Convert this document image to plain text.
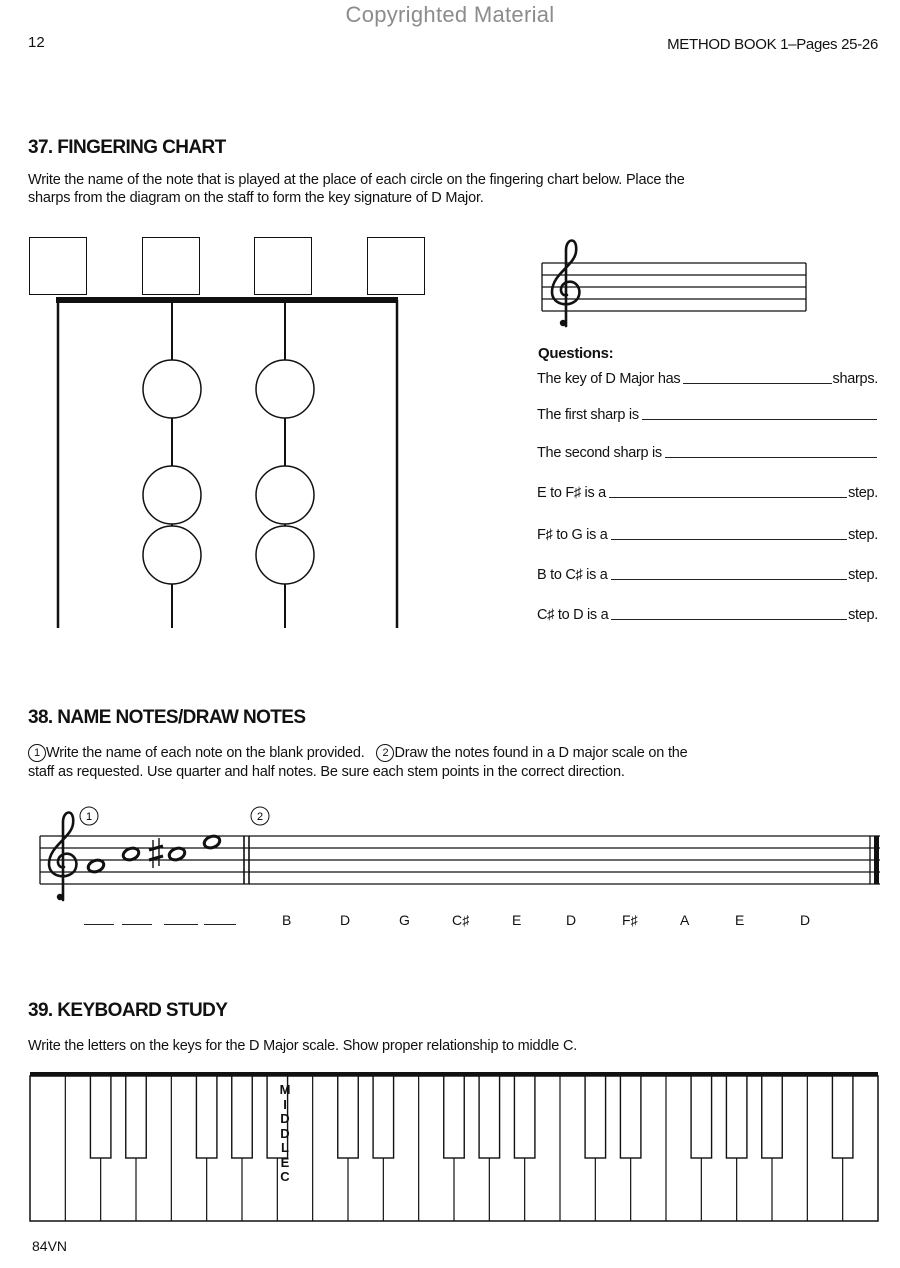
Copyrighted Material
12	METHOD BOOK 1–Pages 25-26
37. FINGERING CHART
Write the name of the note that is played at the place of each circle on the fingering chart below. Place the
sharps from the diagram on the staff to form the key signature of D Major.
Questions:
The key of D Major has	sharps.
The first sharp is
The second sharp is
E to F♯ is a	step.
F♯ to G is a	step.
B to C♯ is a	step.
C♯ to D is a	step.
38. NAME NOTES/DRAW NOTES
1 Write the name of each note on the blank provided. 2 Draw the notes found in a D major scale on the
staff as requested. Use quarter and half notes. Be sure each stem points in the correct direction.
1	2
B	D	G	C♯	E	D	F♯	A	E	D
39. KEYBOARD STUDY
Write the letters on the keys for the D Major scale. Show proper relationship to middle C.
M
I
D
D
L
E
C
84VN
